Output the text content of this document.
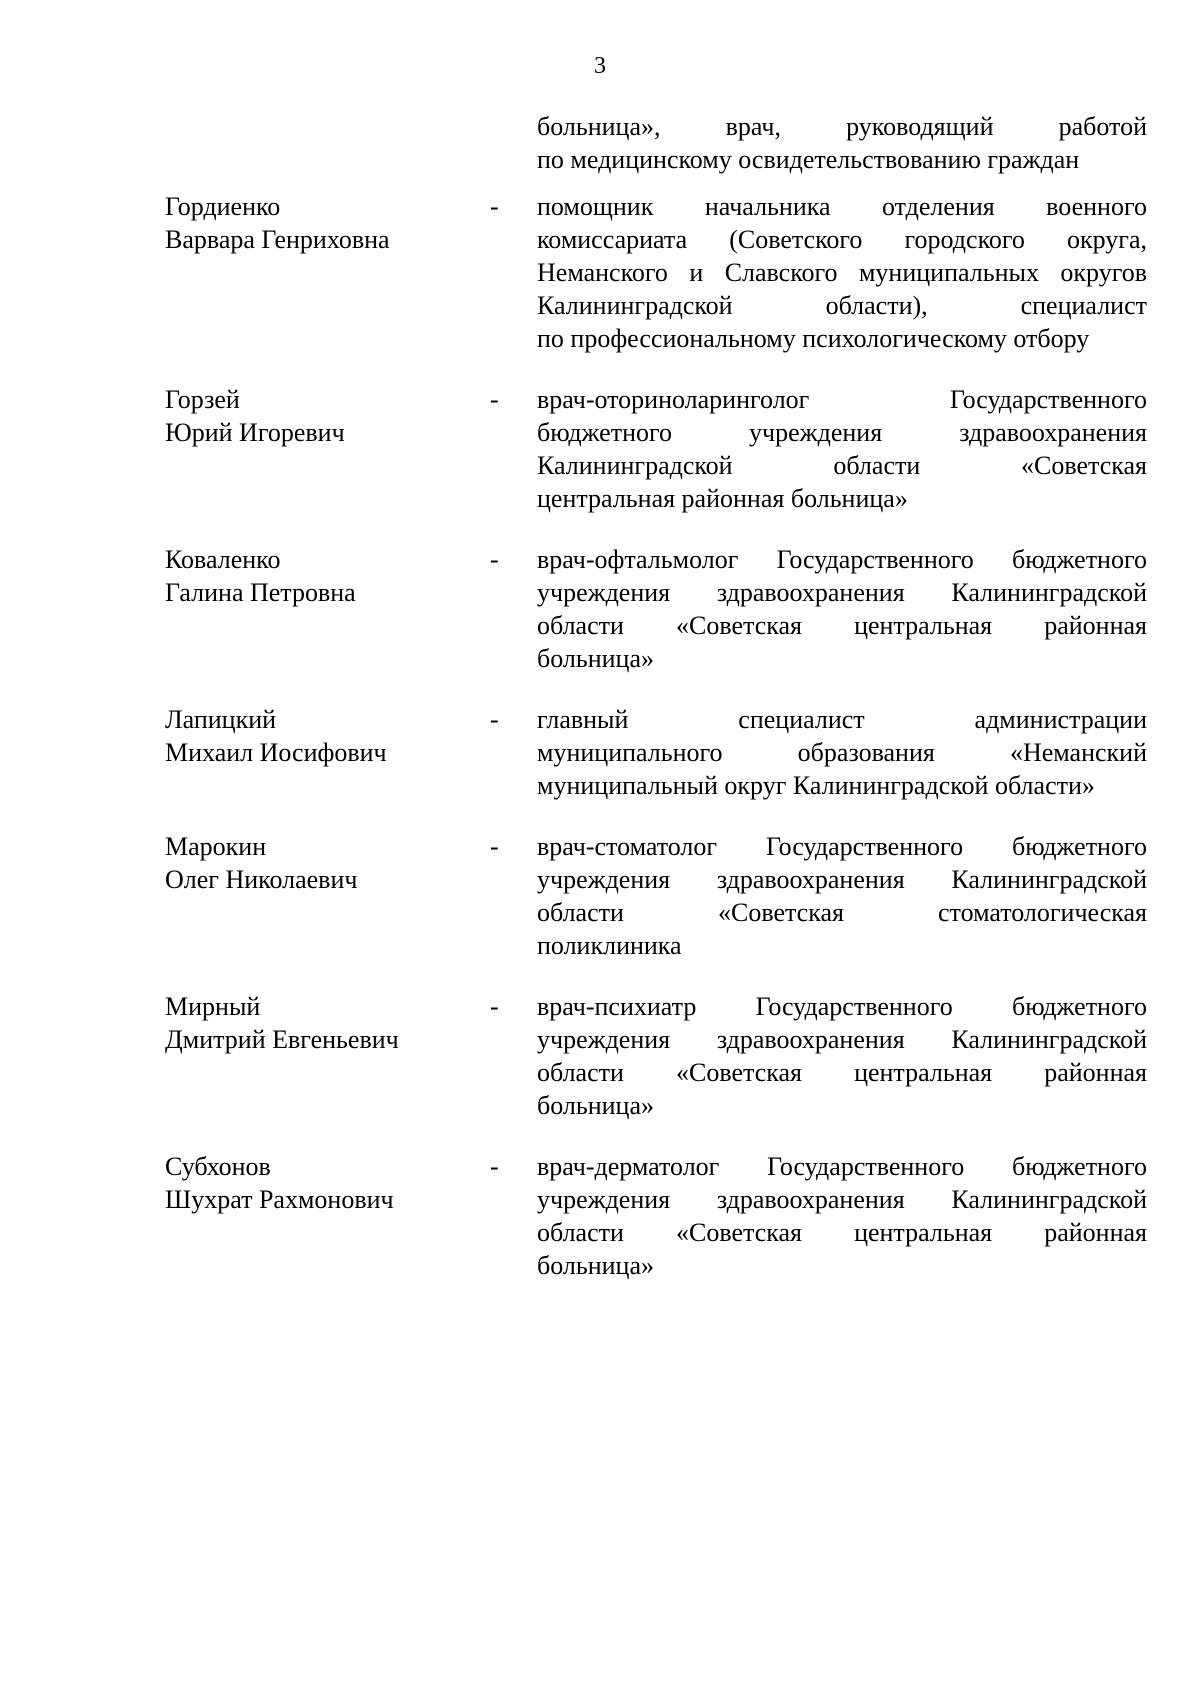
3
больница», врач, руководящий работой
по медицинскому освидетельствованию граждан
Гордиенко
Варвара Генриховна
- помощник начальника отделения военного
комиссариата (Советского городского округа,
Неманского и Славского муниципальных округов
Калининградской области), специалист
по профессиональному психологическому отбору
Горзей
Юрий Игоревич
- врач-оториноларинголог Государственного
бюджетного учреждения здравоохранения
Калининградской области «Советская
центральная районная больница»
Коваленко
Галина Петровна
- врач-офтальмолог Государственного бюджетного
учреждения здравоохранения Калининградской
области «Советская центральная районная
больница»
Лапицкий
Михаил Иосифович
- главный специалист администрации
муниципального образования «Неманский
муниципальный округ Калининградской области»
Марокин
Олег Николаевич
- врач-стоматолог Государственного бюджетного
учреждения здравоохранения Калининградской
области «Советская стоматологическая
поликлиника
Мирный
Дмитрий Евгеньевич
- врач-психиатр Государственного бюджетного
учреждения здравоохранения Калининградской
области «Советская центральная районная
больница»
Субхонов
Шухрат Рахмонович
- врач-дерматолог Государственного бюджетного
учреждения здравоохранения Калининградской
области «Советская центральная районная
больница»
